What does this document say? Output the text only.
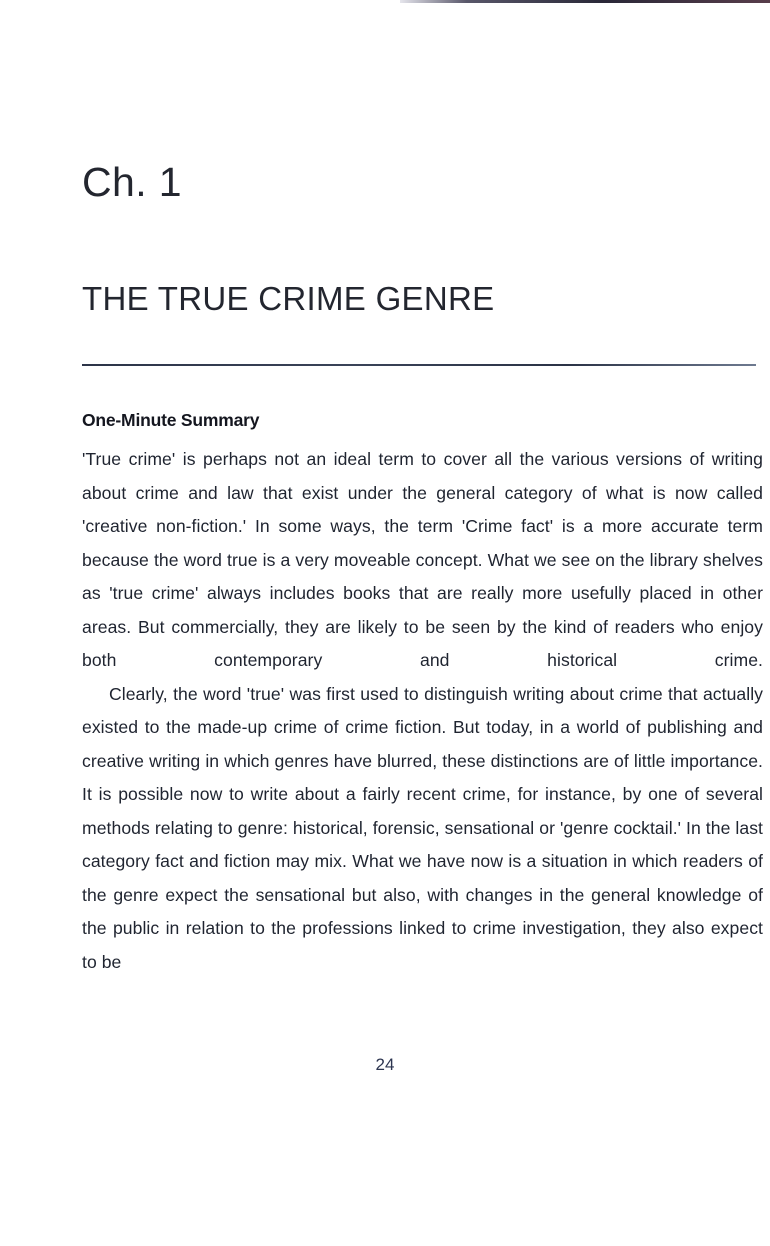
Ch. 1
THE TRUE CRIME GENRE
One-Minute Summary

'True crime' is perhaps not an ideal term to cover all the various versions of writing about crime and law that exist under the general category of what is now called 'creative non-fiction.' In some ways, the term 'Crime fact' is a more accurate term because the word true is a very moveable concept. What we see on the library shelves as 'true crime' always includes books that are really more usefully placed in other areas. But commercially, they are likely to be seen by the kind of readers who enjoy both contemporary and historical crime.

Clearly, the word 'true' was first used to distinguish writing about crime that actually existed to the made-up crime of crime fiction. But today, in a world of publishing and creative writing in which genres have blurred, these distinctions are of little importance. It is possible now to write about a fairly recent crime, for instance, by one of several methods relating to genre: historical, forensic, sensational or 'genre cocktail.' In the last category fact and fiction may mix. What we have now is a situation in which readers of the genre expect the sensational but also, with changes in the general knowledge of the public in relation to the professions linked to crime investigation, they also expect to be

24
